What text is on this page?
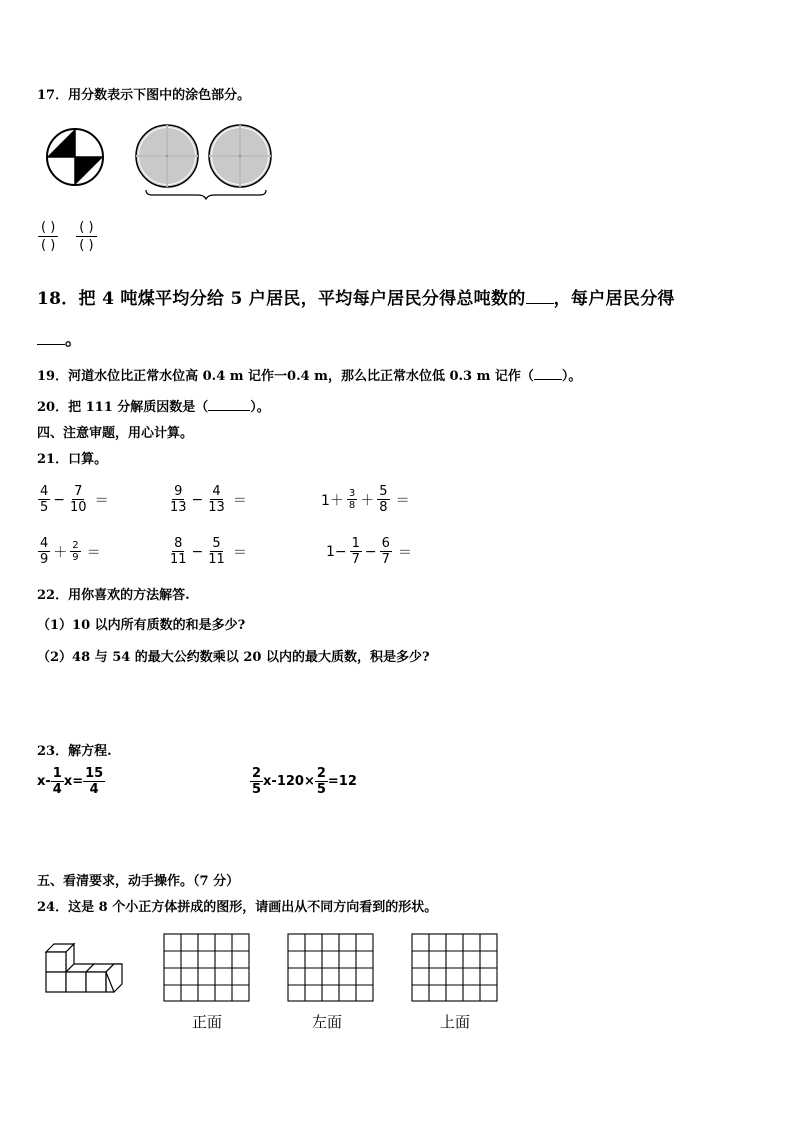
17．用分数表示下图中的涂色部分。
$\frac{( )}{( )} \frac{( )}{( )}$
18．把 4 吨煤平均分给 5 户居民，平均每户居民分得总吨数的 ，每户居民分得
。
19．河道水位比正常水位高 0.4 m 记作一0.4 m，那么比正常水位低 0.3 m 记作（ ）。
20．把 111 分解质因数是（	）。
四、注意审题，用心计算。
21．口算。
$\frac{4}{5} - \frac{7}{10}$ ＝	$\frac{9}{13} - \frac{4}{13}$ ＝	$1+ \frac{3}{8} + \frac{5}{8}$ ＝
$\frac{4}{9} + \frac{2}{9}$ ＝	$\frac{8}{11} - \frac{5}{11}$ ＝	$1- \frac{1}{7} - \frac{6}{7}$ ＝
22．用你喜欢的方法解答.
（1）10 以内所有质数的和是多少?
（2）48 与 54 的最大公约数乘以 20 以内的最大质数，积是多少?
23．解方程.
$x- \frac{1}{4} x= \frac{15}{4}$	$\frac{2}{5} x-120\times \frac{2}{5} =12$
五、看清要求，动手操作。（7 分）
24．这是 8 个小正方体拼成的图形，请画出从不同方向看到的形状。
正面	左面	上面
